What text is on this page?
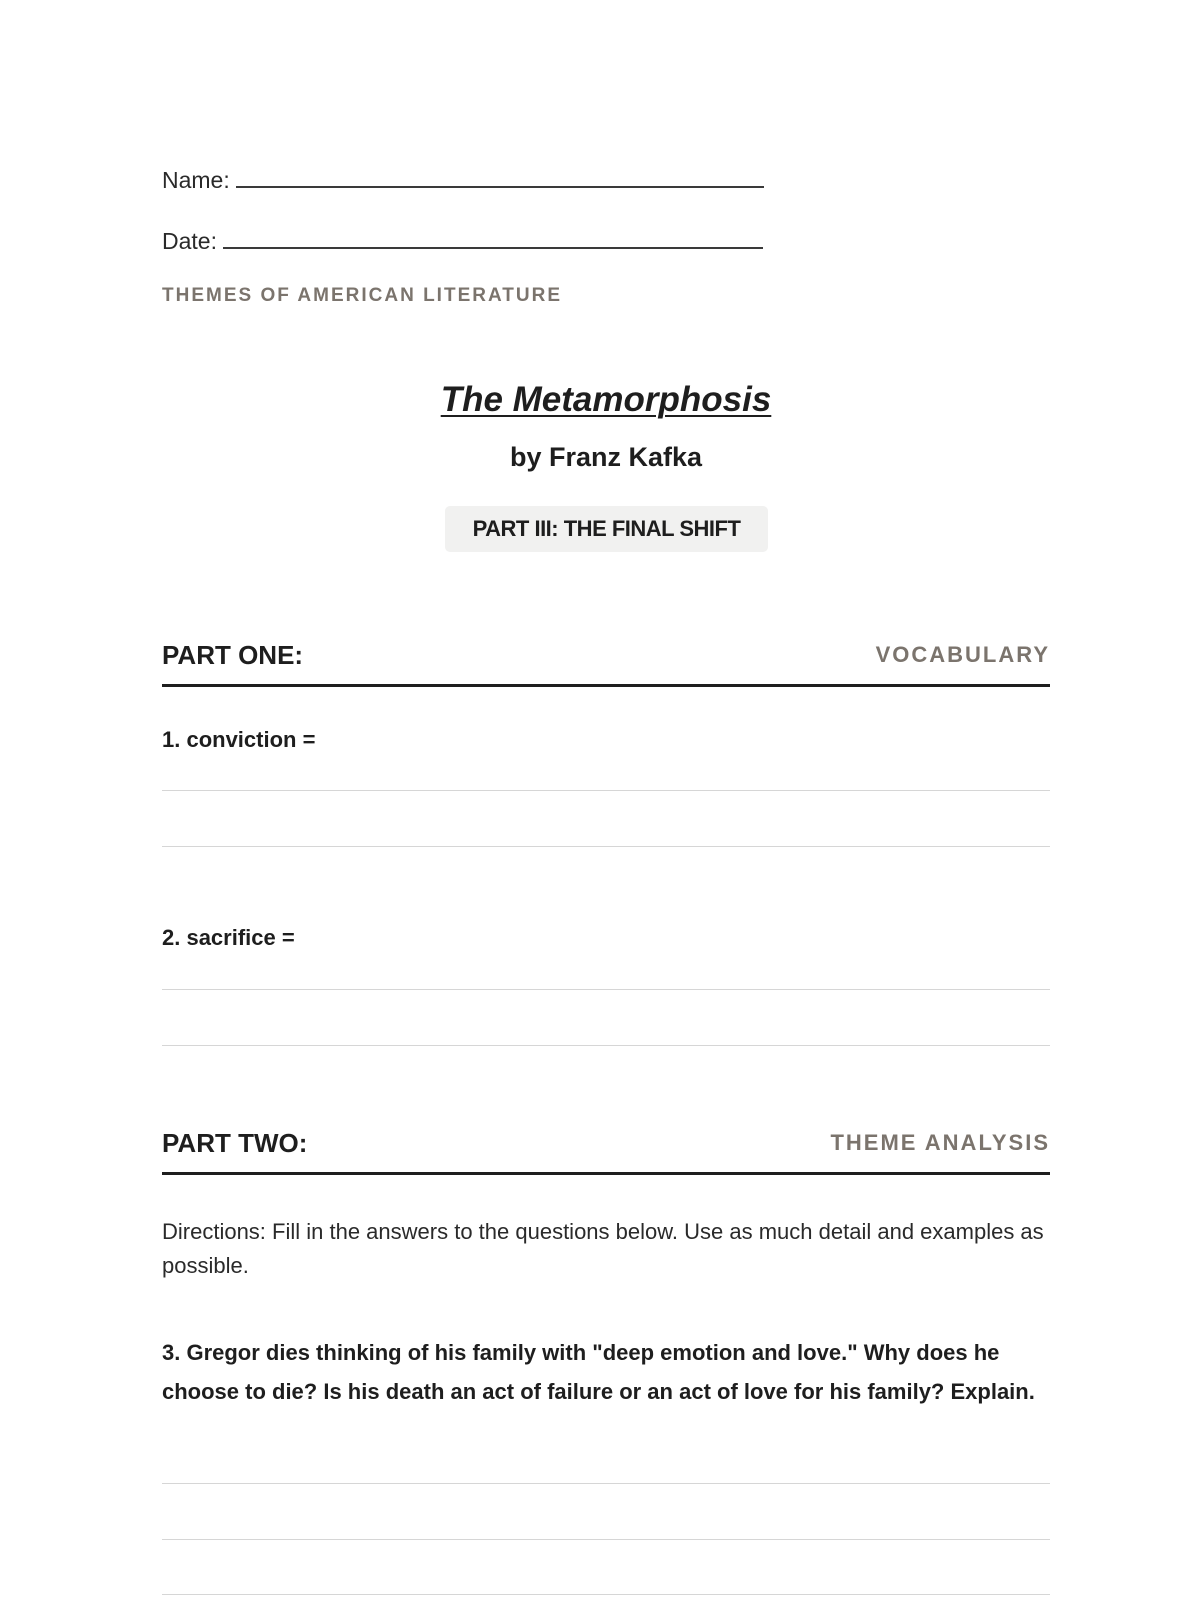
Name:
Date:
THEMES OF AMERICAN LITERATURE
The Metamorphosis
by Franz Kafka
PART III: THE FINAL SHIFT
PART ONE:	VOCABULARY
1. conviction =
2. sacrifice =
PART TWO:	THEME ANALYSIS
Directions: Fill in the answers to the questions below. Use as much detail and examples as possible.
3. Gregor dies thinking of his family with "deep emotion and love." Why does he choose to die? Is his death an act of failure or an act of love for his family? Explain.
